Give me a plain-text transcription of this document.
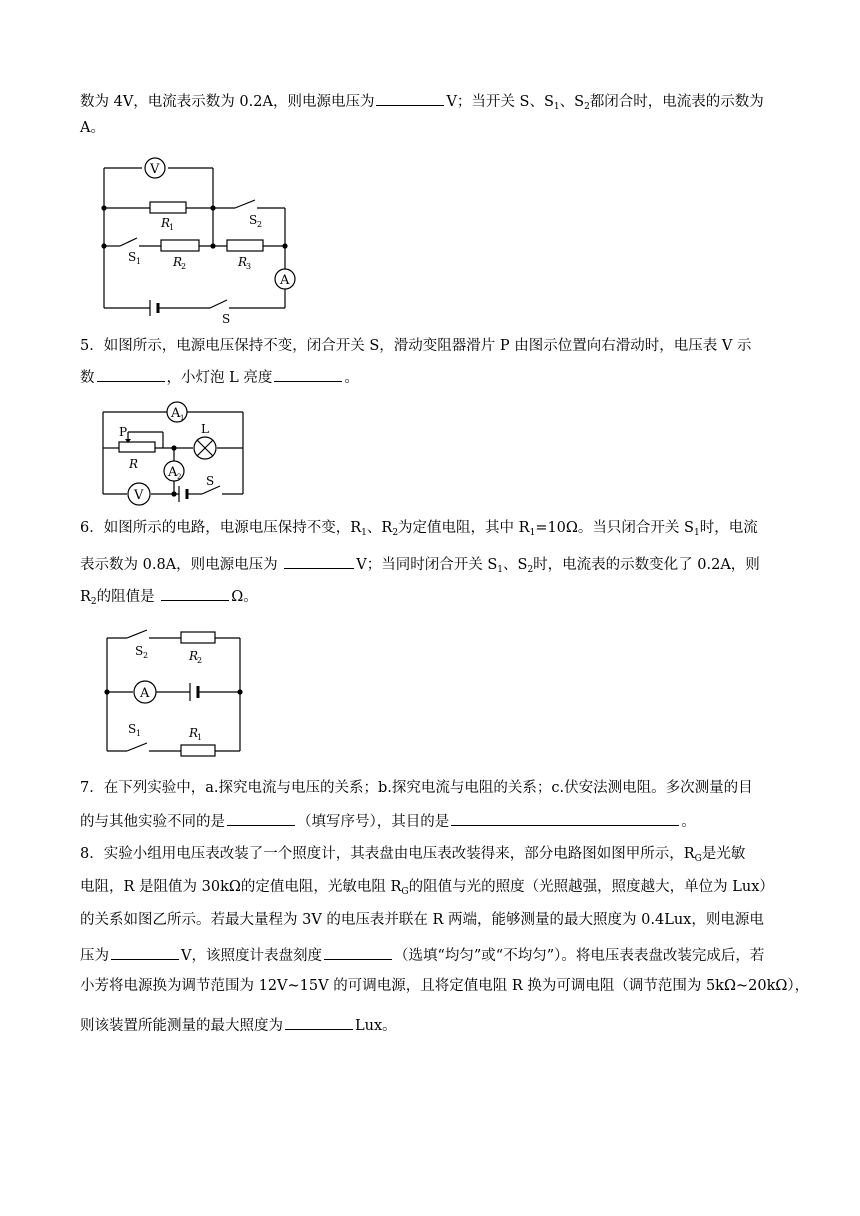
数为 4V，电流表示数为 0.2A，则电源电压为	V；当开关 S、$S_1$、$S_2$都闭合时，电流表的示数为
A。
V
A
R
1
R
2	R
3
S 2
S 1
S
5．如图所示，电源电压保持不变，闭合开关 S，滑动变阻器滑片 P 由图示位置向右滑动时，电压表 V 示
数	，小灯泡 L 亮度	。
A 1
A 2
P
R
L
V
S
6．如图所示的电路，电源电压保持不变，$R_1$、$R_2$为定值电阻，其中 $R_1=10\Omega$。当只闭合开关 $S_1$时，电流
表示数为 0.8A，则电源电压为	V；当同时闭合开关 $S_1$、$S_2$时，电流表的示数变化了 0.2A，则
$R_2$的阻值是	Ω。
S 2	R
2
A
S 1	R
1
7．在下列实验中，a.探究电流与电压的关系；b.探究电流与电阻的关系；c.伏安法测电阻。多次测量的目
的与其他实验不同的是	（填写序号），其目的是	。
8．实验小组用电压表改装了一个照度计，其表盘由电压表改装得来，部分电路图如图甲所示，$R_G$是光敏
电阻，R 是阻值为 30kΩ的定值电阻，光敏电阻 $R_G$的阻值与光的照度（光照越强，照度越大，单位为 Lux）
的关系如图乙所示。若最大量程为 3V 的电压表并联在 R 两端，能够测量的最大照度为 0.4Lux，则电源电
压为	V，该照度计表盘刻度	（选填“均匀”或“不均匀”）。将电压表表盘改装完成后，若
小芳将电源换为调节范围为 12V~15V 的可调电源，且将定值电阻 R 换为可调电阻（调节范围为 5kΩ~20kΩ），
则该装置所能测量的最大照度为	Lux。
